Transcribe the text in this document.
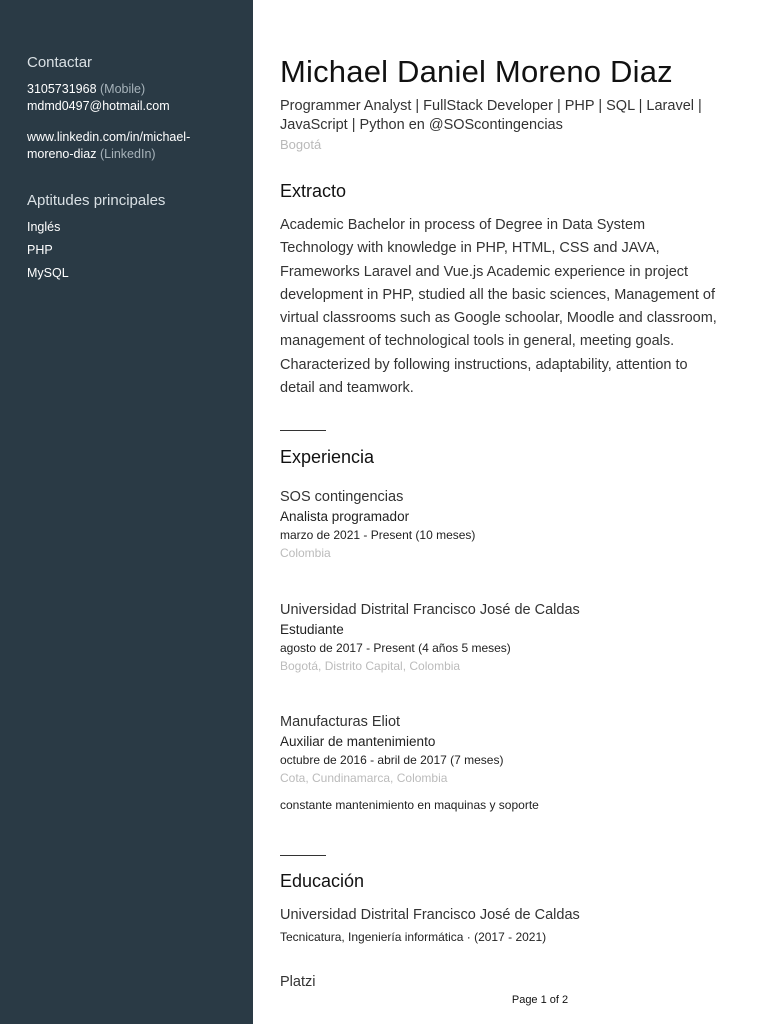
Contactar
3105731968 (Mobile)
mdmd0497@hotmail.com
www.linkedin.com/in/michael-
moreno-diaz (LinkedIn)
Aptitudes principales
Inglés
PHP
MySQL
Michael Daniel Moreno Diaz
Programmer Analyst | FullStack Developer | PHP | SQL | Laravel |
JavaScript | Python en @SOScontingencias
Bogotá
Extracto
Academic Bachelor in process of Degree in Data System
Technology with knowledge in PHP, HTML, CSS and JAVA,
Frameworks Laravel and Vue.js Academic experience in project
development in PHP, studied all the basic sciences, Management of
virtual classrooms such as Google schoolar, Moodle and classroom,
management of technological tools in general, meeting goals.
Characterized by following instructions, adaptability, attention to
detail and teamwork.
Experiencia
SOS contingencias
Analista programador
marzo de 2021 - Present (10 meses)
Colombia
Universidad Distrital Francisco José de Caldas
Estudiante
agosto de 2017 - Present (4 años 5 meses)
Bogotá, Distrito Capital, Colombia
Manufacturas Eliot
Auxiliar de mantenimiento
octubre de 2016 - abril de 2017 (7 meses)
Cota, Cundinamarca, Colombia
constante mantenimiento en maquinas y soporte
Educación
Universidad Distrital Francisco José de Caldas
Tecnicatura, Ingeniería informática · (2017 - 2021)
Platzi
Page 1 of 2
